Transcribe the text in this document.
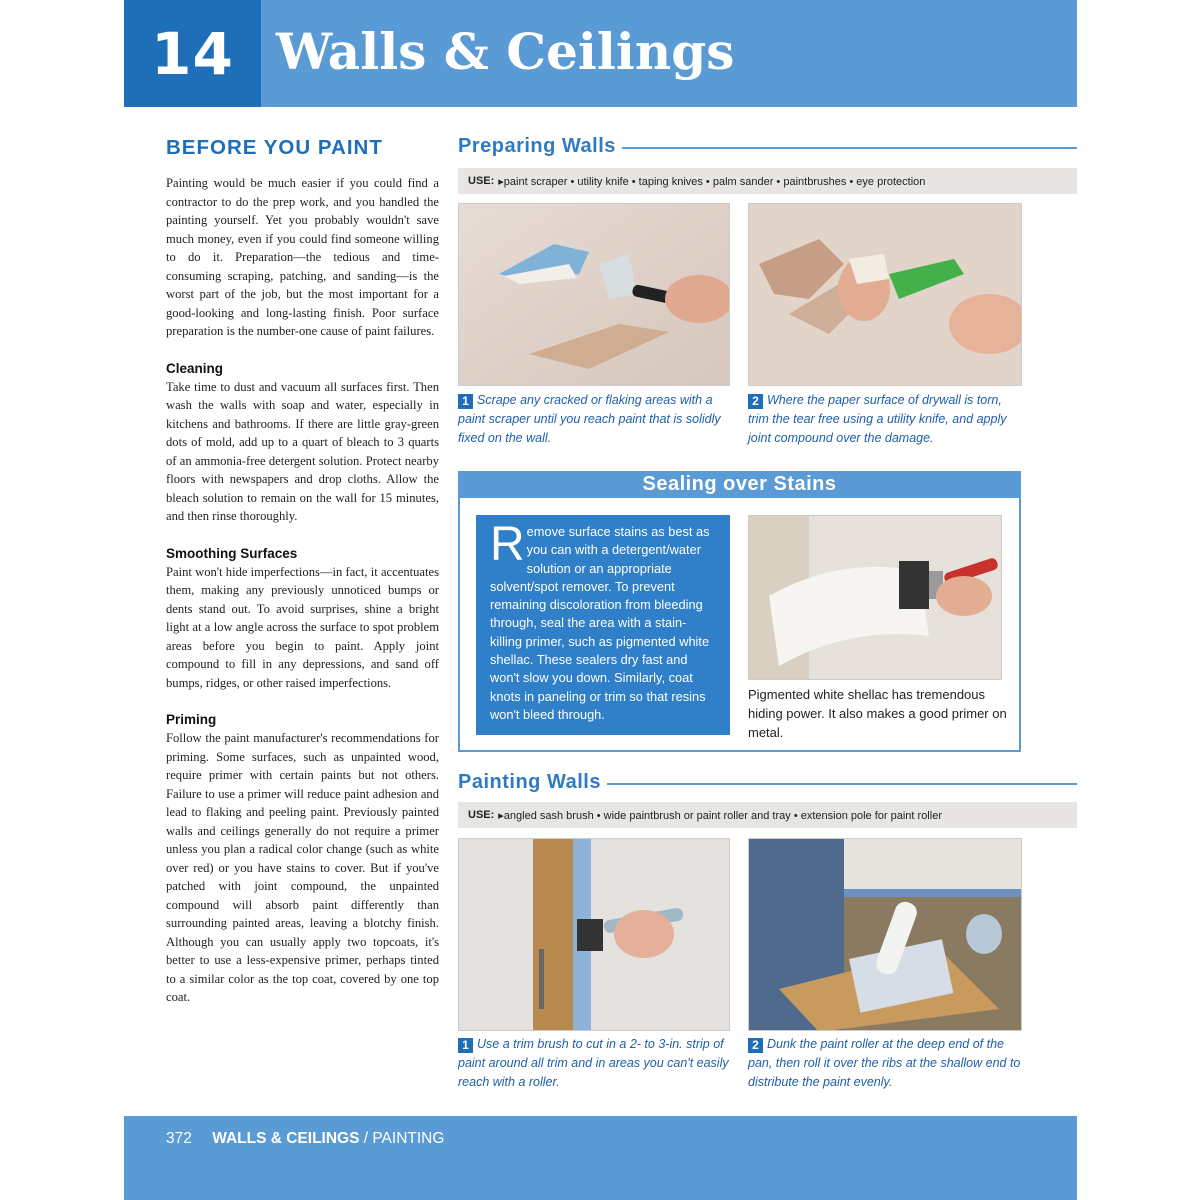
14 Walls & Ceilings
BEFORE YOU PAINT

Painting would be much easier if you could find a contractor to do the prep work, and you handled the painting yourself. Yet you probably wouldn't save much money, even if you could find someone willing to do it. Preparation—the tedious and time-consuming scraping, patching, and sanding—is the worst part of the job, but the most important for a good-looking and long-lasting finish. Poor surface preparation is the number-one cause of paint failures.

Cleaning

Take time to dust and vacuum all surfaces first. Then wash the walls with soap and water, especially in kitchens and bathrooms. If there are little gray-green dots of mold, add up to a quart of bleach to 3 quarts of an ammonia-free detergent solution. Protect nearby floors with newspapers and drop cloths. Allow the bleach solution to remain on the wall for 15 minutes, and then rinse thoroughly.

Smoothing Surfaces

Paint won't hide imperfections—in fact, it accentuates them, making any previously unnoticed bumps or dents stand out. To avoid surprises, shine a bright light at a low angle across the surface to spot problem areas before you begin to paint. Apply joint compound to fill in any depressions, and sand off bumps, ridges, or other raised imperfections.

Priming

Follow the paint manufacturer's recommendations for priming. Some surfaces, such as unpainted wood, require primer with certain paints but not others. Failure to use a primer will reduce paint adhesion and lead to flaking and peeling paint. Previously painted walls and ceilings generally do not require a primer unless you plan a radical color change (such as white over red) or you have stains to cover. But if you've patched with joint compound, the unpainted compound will absorb paint differently than surrounding painted areas, leaving a blotchy finish. Although you can usually apply two topcoats, it's better to use a less-expensive primer, perhaps tinted to a similar color as the top coat, covered by one top coat.

Preparing Walls
USE: ▸paint scraper • utility knife • taping knives • palm sander • paintbrushes • eye protection
1 Scrape any cracked or flaking areas with a paint scraper until you reach paint that is solidly fixed on the wall.
2 Where the paper surface of drywall is torn, trim the tear free using a utility knife, and apply joint compound over the damage.
Sealing over Stains
Remove surface stains as best as you can with a detergent/water solution or an appropriate solvent/spot remover. To prevent remaining discoloration from bleeding through, seal the area with a stain-killing primer, such as pigmented white shellac. These sealers dry fast and won't slow you down. Similarly, coat knots in paneling or trim so that resins won't bleed through.
Pigmented white shellac has tremendous hiding power. It also makes a good primer on metal.
Painting Walls
USE: ▸angled sash brush • wide paintbrush or paint roller and tray • extension pole for paint roller
1 Use a trim brush to cut in a 2- to 3-in. strip of paint around all trim and in areas you can't easily reach with a roller.
2 Dunk the paint roller at the deep end of the pan, then roll it over the ribs at the shallow end to distribute the paint evenly.
372 WALLS & CEILINGS / PAINTING
